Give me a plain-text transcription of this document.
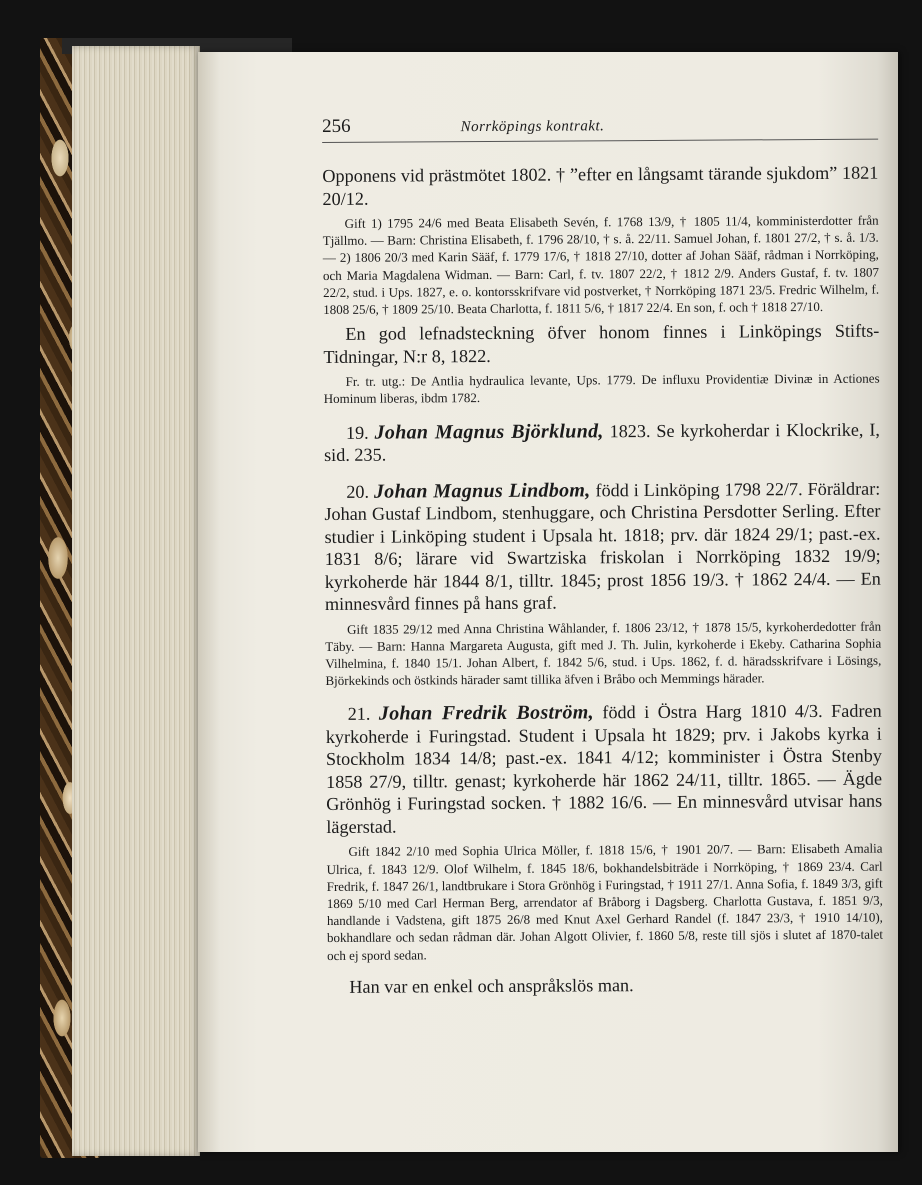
256	Norrköpings kontrakt.

Opponens vid prästmötet 1802. † ”efter en långsamt tärande sjukdom” 1821 20/12.

Gift 1) 1795 24/6 med Beata Elisabeth Sevén, f. 1768 13/9, † 1805 11/4, komministerdotter från Tjällmo. — Barn: Christina Elisabeth, f. 1796 28/10, † s. å. 22/11. Samuel Johan, f. 1801 27/2, † s. å. 1/3. — 2) 1806 20/3 med Karin Sääf, f. 1779 17/6, † 1818 27/10, dotter af Johan Sääf, rådman i Norrköping, och Maria Magdalena Widman. — Barn: Carl, f. tv. 1807 22/2, † 1812 2/9. Anders Gustaf, f. tv. 1807 22/2, stud. i Ups. 1827, e. o. kontorsskrifvare vid postverket, † Norrköping 1871 23/5. Fredric Wilhelm, f. 1808 25/6, † 1809 25/10. Beata Charlotta, f. 1811 5/6, † 1817 22/4. En son, f. och † 1818 27/10.

En god lefnadsteckning öfver honom finnes i Linköpings Stifts-Tidningar, N:r 8, 1822.

Fr. tr. utg.: De Antlia hydraulica levante, Ups. 1779. De influxu Providentiæ Divinæ in Actiones Hominum liberas, ibdm 1782.

19. Johan Magnus Björklund, 1823. Se kyrkoherdar i Klockrike, I, sid. 235.

20. Johan Magnus Lindbom, född i Linköping 1798 22/7. Föräldrar: Johan Gustaf Lindbom, stenhuggare, och Christina Persdotter Serling. Efter studier i Linköping student i Upsala ht. 1818; prv. där 1824 29/1; past.-ex. 1831 8/6; lärare vid Swartziska friskolan i Norrköping 1832 19/9; kyrkoherde här 1844 8/1, tilltr. 1845; prost 1856 19/3. † 1862 24/4. — En minnesvård finnes på hans graf.

Gift 1835 29/12 med Anna Christina Wåhlander, f. 1806 23/12, † 1878 15/5, kyrkoherdedotter från Täby. — Barn: Hanna Margareta Augusta, gift med J. Th. Julin, kyrkoherde i Ekeby. Catharina Sophia Vilhelmina, f. 1840 15/1. Johan Albert, f. 1842 5/6, stud. i Ups. 1862, f. d. häradsskrifvare i Lösings, Björkekinds och östkinds härader samt tillika äfven i Bråbo och Memmings härader.

21. Johan Fredrik Boström, född i Östra Harg 1810 4/3. Fadren kyrkoherde i Furingstad. Student i Upsala ht 1829; prv. i Jakobs kyrka i Stockholm 1834 14/8; past.-ex. 1841 4/12; komminister i Östra Stenby 1858 27/9, tilltr. genast; kyrkoherde här 1862 24/11, tilltr. 1865. — Ägde Grönhög i Furingstad socken. † 1882 16/6. — En minnesvård utvisar hans lägerstad.

Gift 1842 2/10 med Sophia Ulrica Möller, f. 1818 15/6, † 1901 20/7. — Barn: Elisabeth Amalia Ulrica, f. 1843 12/9. Olof Wilhelm, f. 1845 18/6, bokhandelsbiträde i Norrköping, † 1869 23/4. Carl Fredrik, f. 1847 26/1, landtbrukare i Stora Grönhög i Furingstad, † 1911 27/1. Anna Sofia, f. 1849 3/3, gift 1869 5/10 med Carl Herman Berg, arrendator af Bråborg i Dagsberg. Charlotta Gustava, f. 1851 9/3, handlande i Vadstena, gift 1875 26/8 med Knut Axel Gerhard Randel (f. 1847 23/3, † 1910 14/10), bokhandlare och sedan rådman där. Johan Algott Olivier, f. 1860 5/8, reste till sjös i slutet af 1870-talet och ej spord sedan.

Han var en enkel och anspråkslös man.
